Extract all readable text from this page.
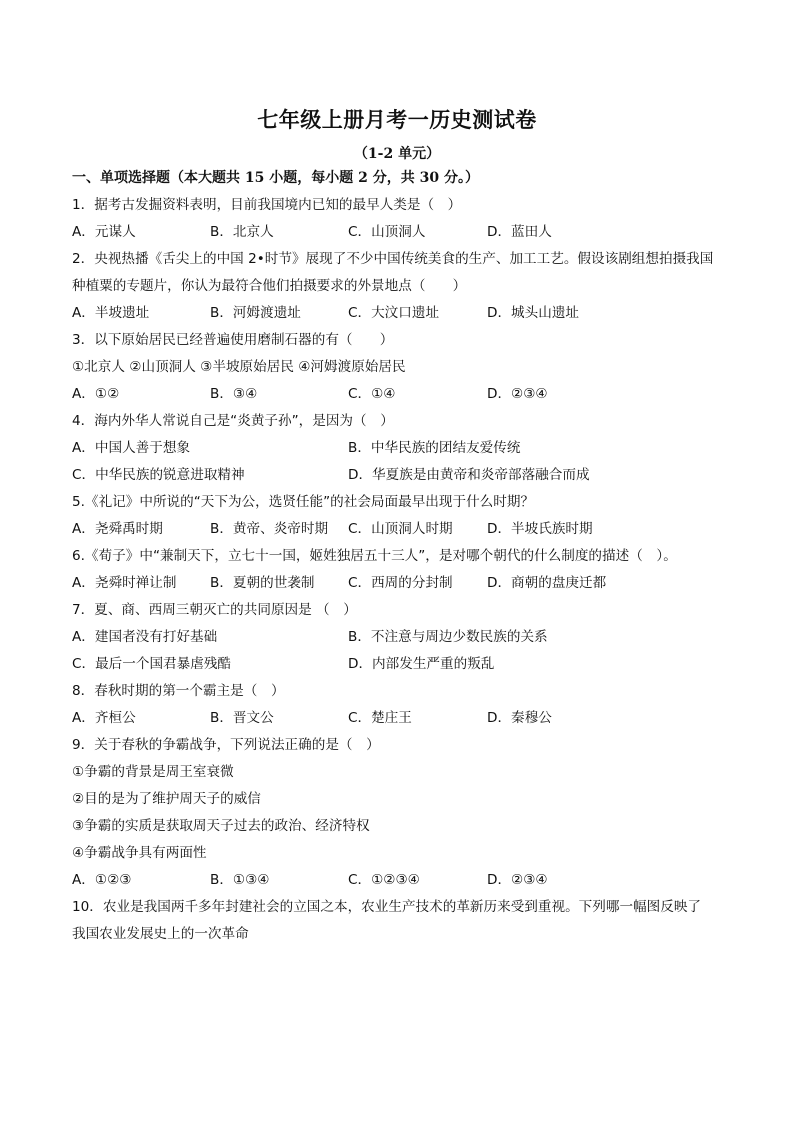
七年级上册月考一历史测试卷
（1-2 单元）
一、单项选择题（本大题共 15 小题，每小题 2 分，共 30 分。）
1．据考古发掘资料表明，目前我国境内已知的最早人类是（　）
A．元谋人	B．北京人	C．山顶洞人	D．蓝田人
2．央视热播《舌尖上的中国 2•时节》展现了不少中国传统美食的生产、加工工艺。假设该剧组想拍摄我国
种植粟的专题片，你认为最符合他们拍摄要求的外景地点（　　）
A．半坡遗址	B．河姆渡遗址	C．大汶口遗址	D．城头山遗址
3．以下原始居民已经普遍使用磨制石器的有（　　）
①北京人 ②山顶洞人 ③半坡原始居民 ④河姆渡原始居民
A．①②	B．③④	C．①④	D．②③④
4．海内外华人常说自己是“炎黄子孙”，是因为（　）
A．中国人善于想象	B．中华民族的团结友爱传统
C．中华民族的锐意进取精神	D．华夏族是由黄帝和炎帝部落融合而成
5.《礼记》中所说的“天下为公，选贤任能”的社会局面最早出现于什么时期？
A．尧舜禹时期	B．黄帝、炎帝时期 C．山顶洞人时期	D．半坡氏族时期
6.《荀子》中“兼制天下，立七十一国，姬姓独居五十三人”，是对哪个朝代的什么制度的描述（　）。
A．尧舜时禅让制 B．夏朝的世袭制 C．西周的分封制	D．商朝的盘庚迁都
7．夏、商、西周三朝灭亡的共同原因是 （　）
A．建国者没有打好基础	B．不注意与周边少数民族的关系
C．最后一个国君暴虐残酷	D．内部发生严重的叛乱
8．春秋时期的第一个霸主是（　）
A．齐桓公	B．晋文公	C．楚庄王	D．秦穆公
9．关于春秋的争霸战争，下列说法正确的是（　）
①争霸的背景是周王室衰微
②目的是为了维护周天子的威信
③争霸的实质是获取周天子过去的政治、经济特权
④争霸战争具有两面性
A．①②③	B．①③④	C．①②③④	D．②③④
10．农业是我国两千多年封建社会的立国之本，农业生产技术的革新历来受到重视。下列哪一幅图反映了
我国农业发展史上的一次革命
